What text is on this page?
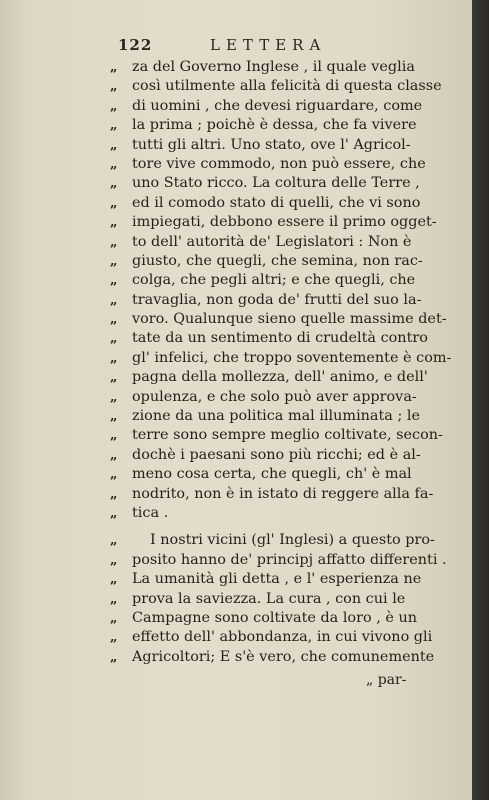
122	LETTERA
„	za del Governo Inglese , il quale veglia
„	così utilmente alla felicità di questa classe
„	di uomini , che devesi riguardare, come
„	la prima ; poichè è dessa, che fa vivere
„	tutti gli altri. Uno stato, ove l' Agricol-
„	tore vive commodo, non può essere, che
„	uno Stato ricco. La coltura delle Terre ,
„	ed il comodo stato di quelli, che vi sono
„	impiegati, debbono essere il primo ogget-
„	to dell' autorità de' Legislatori : Non è
„	giusto, che quegli, che semina, non rac-
„	colga, che pegli altri; e che quegli, che
„	travaglia, non goda de' frutti del suo la-
„	voro. Qualunque sieno quelle massime det-
„	tate da un sentimento di crudeltà contro
„	gl' infelici, che troppo soventemente è com-
„	pagna della mollezza, dell' animo, e dell'
„	opulenza, e che solo può aver approva-
„	zione da una politica mal illuminata ; le
„	terre sono sempre meglio coltivate, secon-
„	dochè i paesani sono più ricchi; ed è al-
„	meno cosa certa, che quegli, ch' è mal
„	nodrito, non è in istato di reggere alla fa-
„	tica .
„	I nostri vicini (gl' Inglesi) a questo pro-
„	posito hanno de' principj affatto differenti .
„	La umanità gli detta , e l' esperienza ne
„	prova la saviezza. La cura , con cui le
„	Campagne sono coltivate da loro , è un
„	effetto dell' abbondanza, in cui vivono gli
„	Agricoltori; E s'è vero, che comunemente
„ par-
